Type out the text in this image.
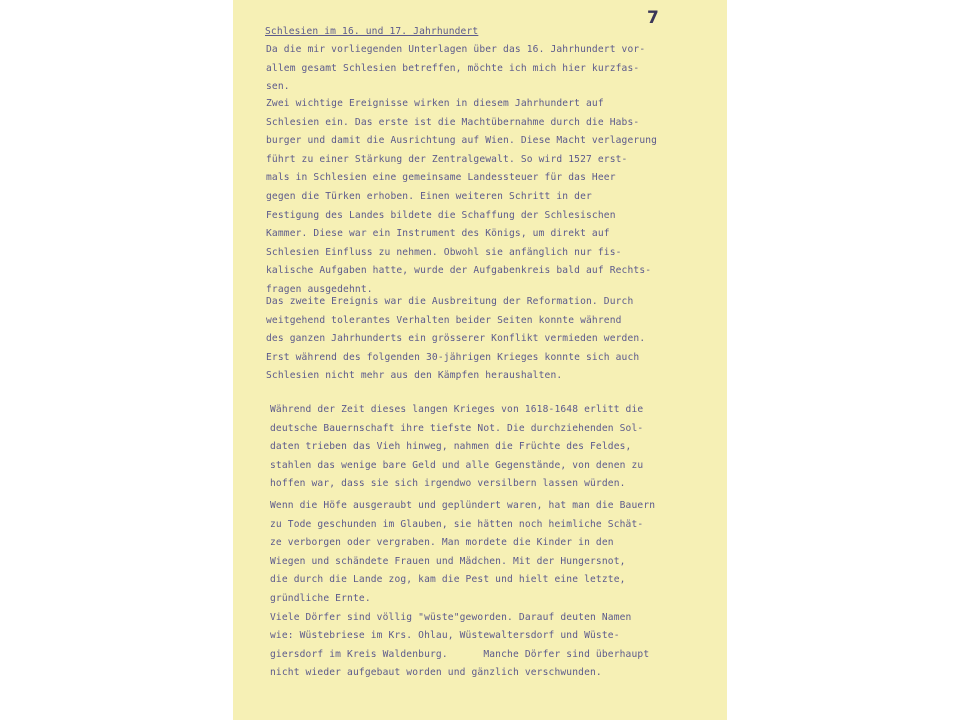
7
Schlesien im 16. und 17. Jahrhundert
Da die mir vorliegenden Unterlagen über das 16. Jahrhundert vor-
allem gesamt Schlesien betreffen, möchte ich mich hier kurzfas-
sen.
Zwei wichtige Ereignisse wirken in diesem Jahrhundert auf
Schlesien ein. Das erste ist die Machtübernahme durch die Habs-
burger und damit die Ausrichtung auf Wien. Diese Macht verlagerung
führt zu einer Stärkung der Zentralgewalt. So wird 1527 erst-
mals in Schlesien eine gemeinsame Landessteuer für das Heer
gegen die Türken erhoben. Einen weiteren Schritt in der
Festigung des Landes bildete die Schaffung der Schlesischen
Kammer. Diese war ein Instrument des Königs, um direkt auf
Schlesien Einfluss zu nehmen. Obwohl sie anfänglich nur fis-
kalische Aufgaben hatte, wurde der Aufgabenkreis bald auf Rechts-
fragen ausgedehnt.
Das zweite Ereignis war die Ausbreitung der Reformation. Durch
weitgehend tolerantes Verhalten beider Seiten konnte während
des ganzen Jahrhunderts ein grösserer Konflikt vermieden werden.
Erst während des folgenden 30-jährigen Krieges konnte sich auch
Schlesien nicht mehr aus den Kämpfen heraushalten.
Während der Zeit dieses langen Krieges von 1618-1648 erlitt die
deutsche Bauernschaft ihre tiefste Not. Die durchziehenden Sol-
daten trieben das Vieh hinweg, nahmen die Früchte des Feldes,
stahlen das wenige bare Geld und alle Gegenstände, von denen zu
hoffen war, dass sie sich irgendwo versilbern lassen würden.
Wenn die Höfe ausgeraubt und geplündert waren, hat man die Bauern
zu Tode geschunden im Glauben, sie hätten noch heimliche Schät-
ze verborgen oder vergraben. Man mordete die Kinder in den
Wiegen und schändete Frauen und Mädchen. Mit der Hungersnot,
die durch die Lande zog, kam die Pest und hielt eine letzte,
gründliche Ernte.
Viele Dörfer sind völlig "wüste"geworden. Darauf deuten Namen
wie: Wüstebriese im Krs. Ohlau, Wüstewaltersdorf und Wüste-
giersdorf im Kreis Waldenburg.      Manche Dörfer sind überhaupt
nicht wieder aufgebaut worden und gänzlich verschwunden.
